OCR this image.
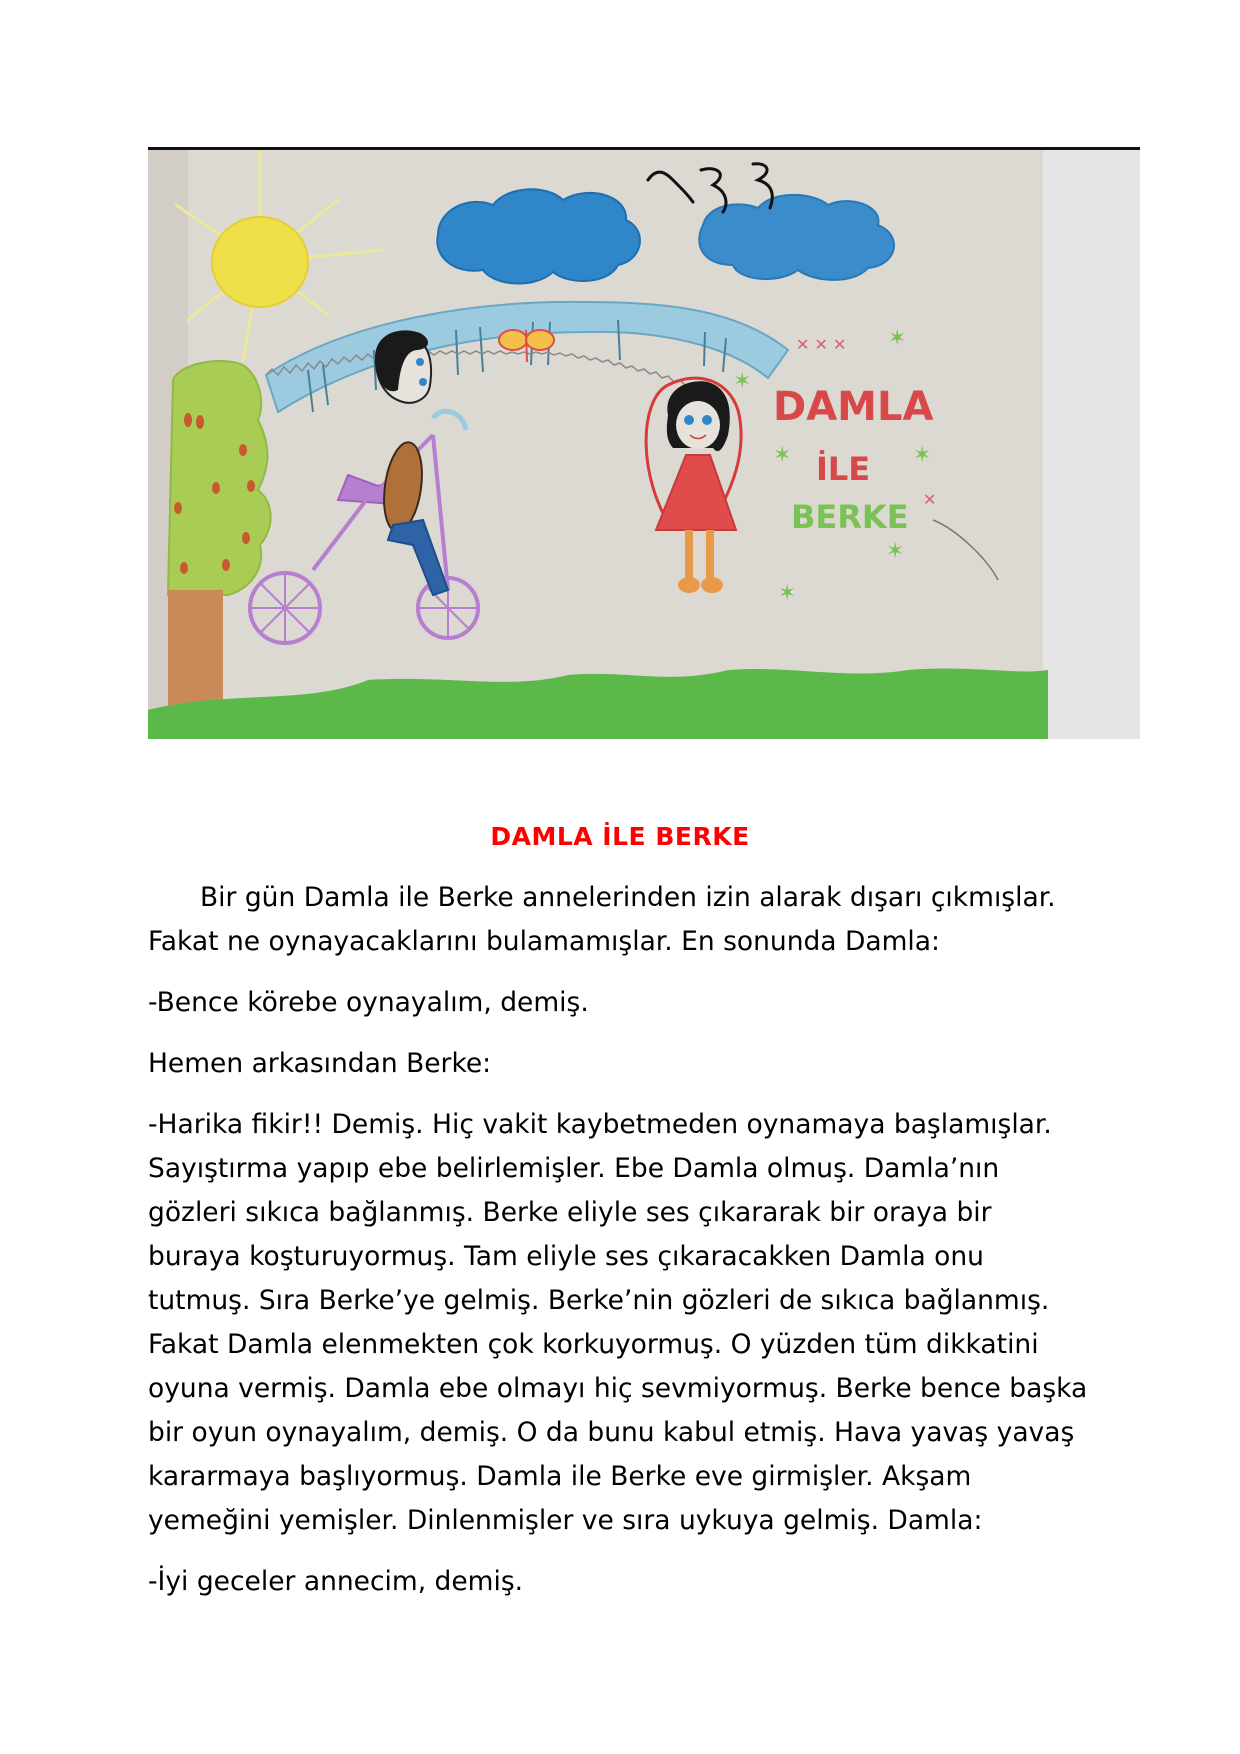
DAMLA
İLE
BERKE
✶
✶
✶	✶
✶
✶
✕ ✕ ✕
✕
DAMLA İLE BERKE

Bir gün Damla ile Berke annelerinden izin alarak dışarı çıkmışlar.
Fakat ne oynayacaklarını bulamamışlar. En sonunda Damla:

-Bence körebe oynayalım, demiş.

Hemen arkasından Berke:

-Harika fikir!! Demiş. Hiç vakit kaybetmeden oynamaya başlamışlar.
Sayıştırma yapıp ebe belirlemişler. Ebe Damla olmuş. Damla’nın
gözleri sıkıca bağlanmış. Berke eliyle ses çıkararak bir oraya bir
buraya koşturuyormuş. Tam eliyle ses çıkaracakken Damla onu
tutmuş. Sıra Berke’ye gelmiş. Berke’nin gözleri de sıkıca bağlanmış.
Fakat Damla elenmekten çok korkuyormuş. O yüzden tüm dikkatini
oyuna vermiş. Damla ebe olmayı hiç sevmiyormuş. Berke bence başka
bir oyun oynayalım, demiş. O da bunu kabul etmiş. Hava yavaş yavaş
kararmaya başlıyormuş. Damla ile Berke eve girmişler. Akşam
yemeğini yemişler. Dinlenmişler ve sıra uykuya gelmiş. Damla:

-İyi geceler annecim, demiş.
